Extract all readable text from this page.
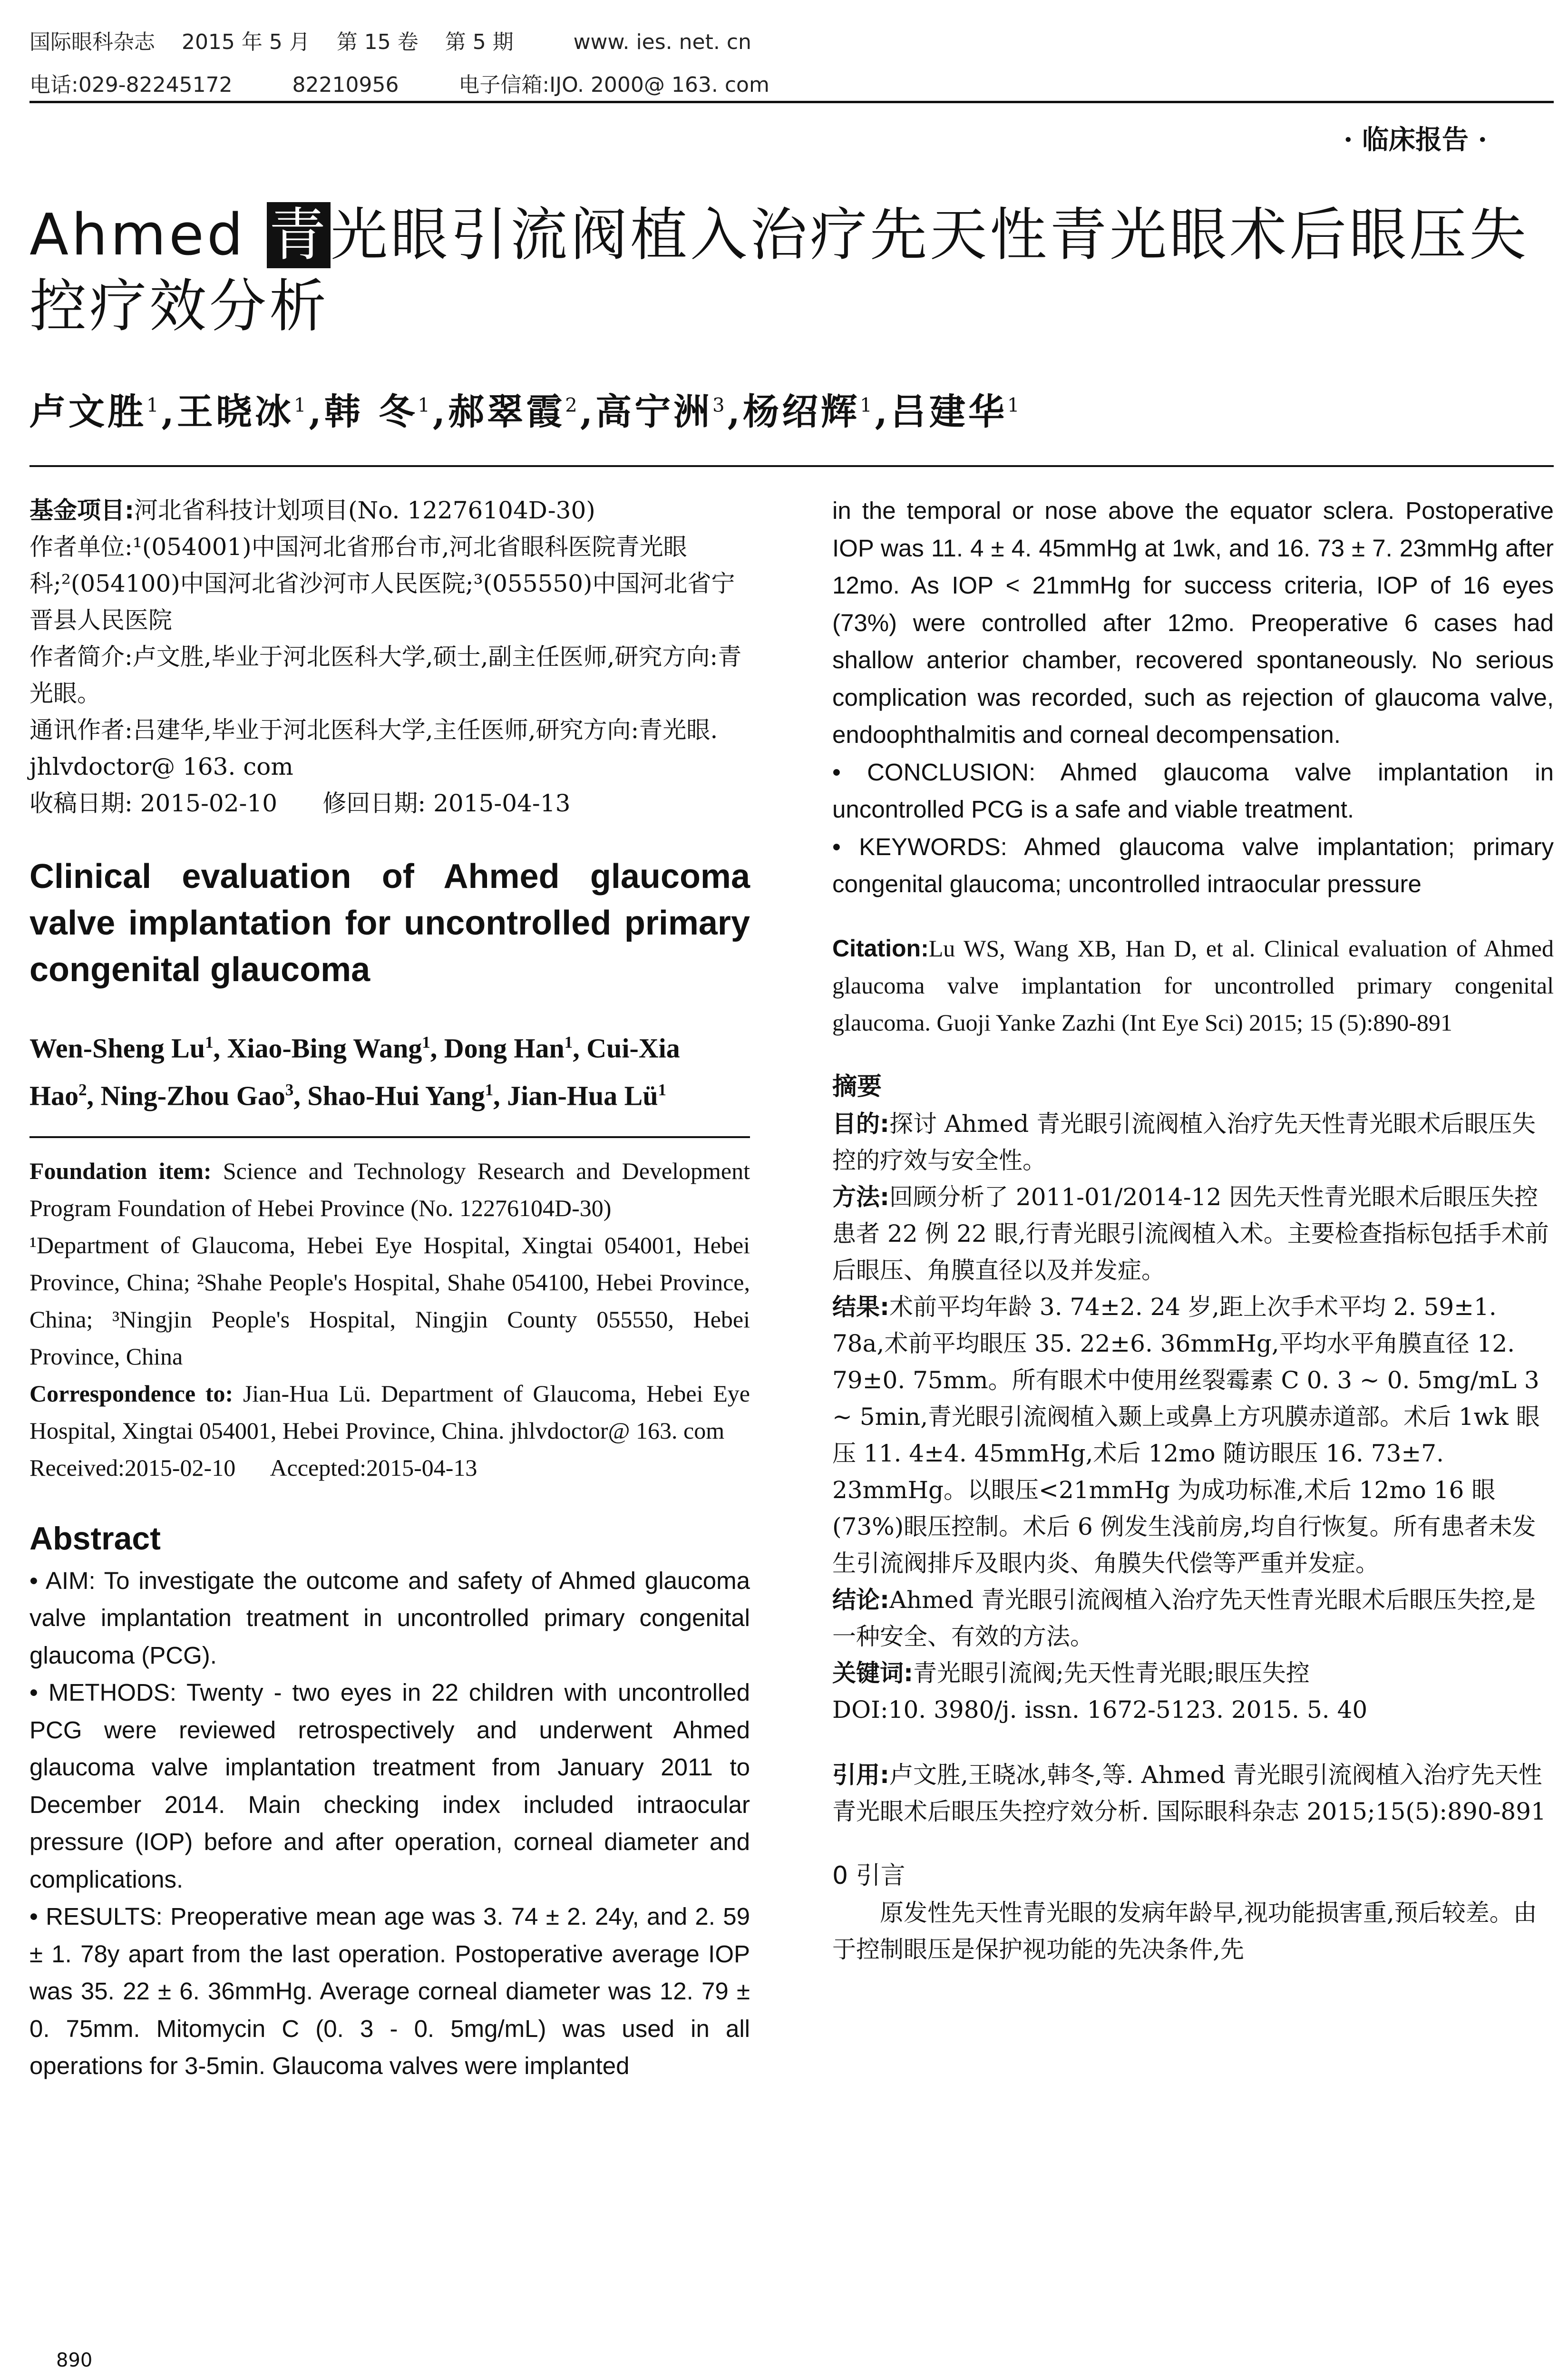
国际眼科杂志    2015 年 5 月    第 15 卷    第 5 期         www. ies. net. cn
电话:029-82245172         82210956         电子信箱:IJO. 2000@ 163. com
· 临床报告 ·
Ahmed 青光眼引流阀植入治疗先天性青光眼术后眼压失控疗效分析
卢文胜$^1$,王晓冰$^1$,韩 冬$^1$,郝翠霞$^2$,高宁洲$^3$,杨绍辉$^1$,吕建华$^1$

基金项目:河北省科技计划项目(No. 12276104D-30)

作者单位:¹(054001)中国河北省邢台市,河北省眼科医院青光眼科;²(054100)中国河北省沙河市人民医院;³(055550)中国河北省宁晋县人民医院

作者简介:卢文胜,毕业于河北医科大学,硕士,副主任医师,研究方向:青光眼。

通讯作者:吕建华,毕业于河北医科大学,主任医师,研究方向:青光眼. jhlvdoctor@ 163. com

收稿日期: 2015-02-10      修回日期: 2015-04-13

Clinical evaluation of Ahmed glaucoma valve implantation for uncontrolled primary congenital glaucoma

Wen-Sheng Lu$^1$, Xiao-Bing Wang$^1$, Dong Han$^1$, Cui-Xia Hao$^2$, Ning-Zhou Gao$^3$, Shao-Hui Yang$^1$, Jian-Hua $Lü^1$

Foundation item: Science and Technology Research and Development Program Foundation of Hebei Province (No. 12276104D-30)

¹Department of Glaucoma, Hebei Eye Hospital, Xingtai 054001, Hebei Province, China; ²Shahe People's Hospital, Shahe 054100, Hebei Province, China; ³Ningjin People's Hospital, Ningjin County 055550, Hebei Province, China

Correspondence to: Jian-Hua Lü. Department of Glaucoma, Hebei Eye Hospital, Xingtai 054001, Hebei Province, China. jhlvdoctor@ 163. com

Received:2015-02-10      Accepted:2015-04-13

Abstract

• AIM: To investigate the outcome and safety of Ahmed glaucoma valve implantation treatment in uncontrolled primary congenital glaucoma (PCG).

• METHODS: Twenty - two eyes in 22 children with uncontrolled PCG were reviewed retrospectively and underwent Ahmed glaucoma valve implantation treatment from January 2011 to December 2014. Main checking index included intraocular pressure (IOP) before and after operation, corneal diameter and complications.

• RESULTS: Preoperative mean age was 3. 74 ± 2. 24y, and 2. 59 ± 1. 78y apart from the last operation. Postoperative average IOP was 35. 22 ± 6. 36mmHg. Average corneal diameter was 12. 79 ± 0. 75mm. Mitomycin C (0. 3 - 0. 5mg/mL) was used in all operations for 3-5min. Glaucoma valves were implanted

in the temporal or nose above the equator sclera. Postoperative IOP was 11. 4 ± 4. 45mmHg at 1wk, and 16. 73 ± 7. 23mmHg after 12mo. As IOP < 21mmHg for success criteria, IOP of 16 eyes (73%) were controlled after 12mo. Preoperative 6 cases had shallow anterior chamber, recovered spontaneously. No serious complication was recorded, such as rejection of glaucoma valve, endoophthalmitis and corneal decompensation.

• CONCLUSION: Ahmed glaucoma valve implantation in uncontrolled PCG is a safe and viable treatment.

• KEYWORDS: Ahmed glaucoma valve implantation; primary congenital glaucoma; uncontrolled intraocular pressure

Citation:Lu WS, Wang XB, Han D, et al. Clinical evaluation of Ahmed glaucoma valve implantation for uncontrolled primary congenital glaucoma. Guoji Yanke Zazhi (Int Eye Sci) 2015; 15 (5):890-891

摘要

目的:探讨 Ahmed 青光眼引流阀植入治疗先天性青光眼术后眼压失控的疗效与安全性。

方法:回顾分析了 2011-01/2014-12 因先天性青光眼术后眼压失控患者 22 例 22 眼,行青光眼引流阀植入术。主要检查指标包括手术前后眼压、角膜直径以及并发症。

结果:术前平均年龄 3. 74±2. 24 岁,距上次手术平均 2. 59±1. 78a,术前平均眼压 35. 22±6. 36mmHg,平均水平角膜直径 12. 79±0. 75mm。所有眼术中使用丝裂霉素 C 0. 3 ~ 0. 5mg/mL 3 ~ 5min,青光眼引流阀植入颞上或鼻上方巩膜赤道部。术后 1wk 眼压 11. 4±4. 45mmHg,术后 12mo 随访眼压 16. 73±7. 23mmHg。以眼压<21mmHg 为成功标准,术后 12mo 16 眼(73%)眼压控制。术后 6 例发生浅前房,均自行恢复。所有患者未发生引流阀排斥及眼内炎、角膜失代偿等严重并发症。

结论:Ahmed 青光眼引流阀植入治疗先天性青光眼术后眼压失控,是一种安全、有效的方法。

关键词:青光眼引流阀;先天性青光眼;眼压失控

DOI:10. 3980/j. issn. 1672-5123. 2015. 5. 40

引用:卢文胜,王晓冰,韩冬,等. Ahmed 青光眼引流阀植入治疗先天性青光眼术后眼压失控疗效分析. 国际眼科杂志 2015;15(5):890-891

0 引言

原发性先天性青光眼的发病年龄早,视功能损害重,预后较差。由于控制眼压是保护视功能的先决条件,先

890
